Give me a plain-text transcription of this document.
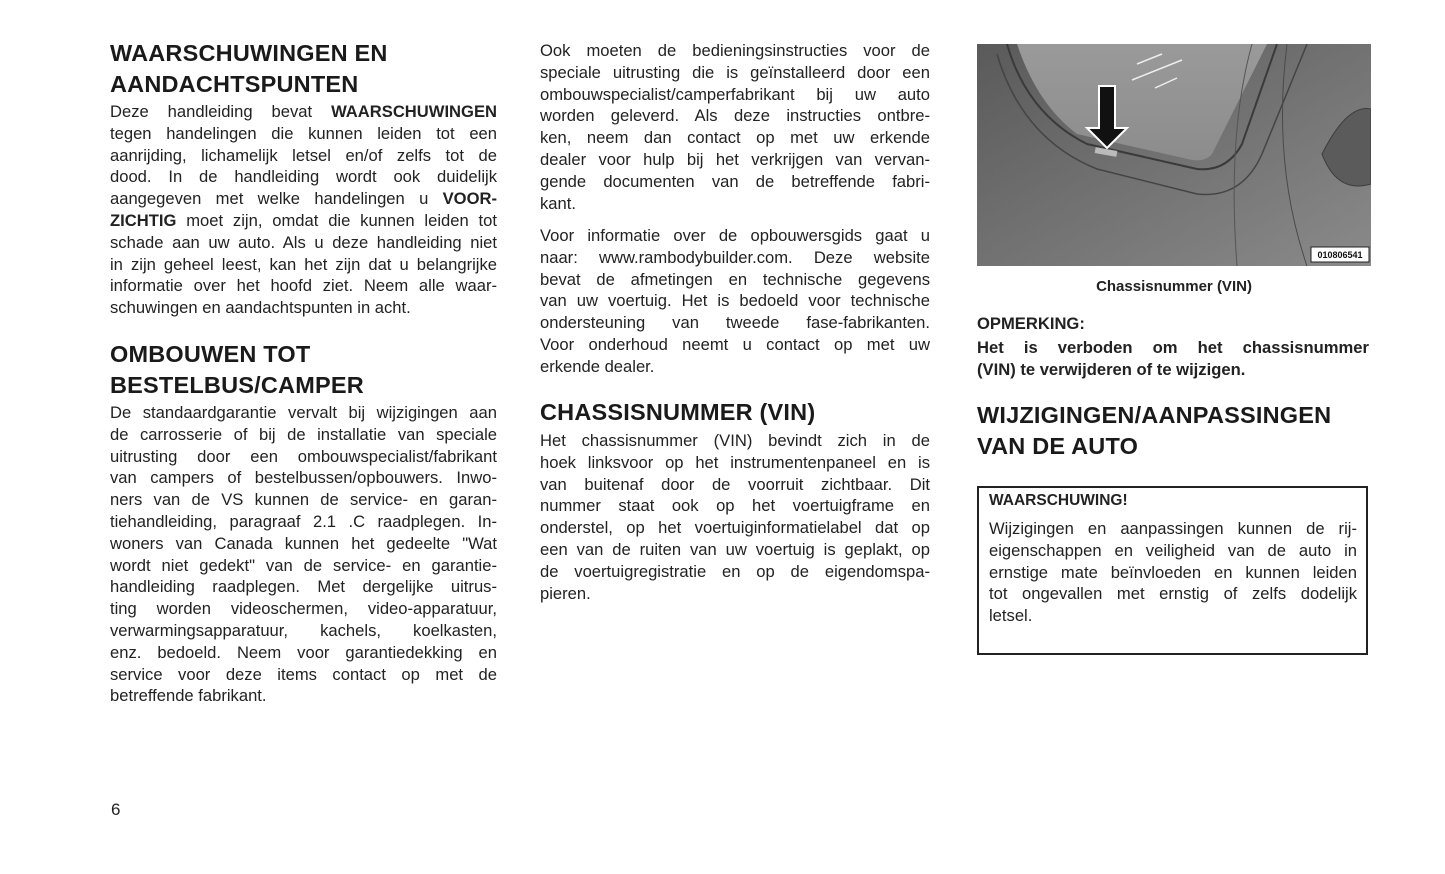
WAARSCHUWINGEN EN
AANDACHTSPUNTEN
Deze handleiding bevat WAARSCHUWINGEN
tegen handelingen die kunnen leiden tot een
aanrijding, lichamelijk letsel en/of zelfs tot de
dood. In de handleiding wordt ook duidelijk
aangegeven met welke handelingen u VOOR-
ZICHTIG moet zijn, omdat die kunnen leiden tot
schade aan uw auto. Als u deze handleiding niet
in zijn geheel leest, kan het zijn dat u belangrijke
informatie over het hoofd ziet. Neem alle waar-
schuwingen en aandachtspunten in acht.
OMBOUWEN TOT
BESTELBUS/CAMPER
De standaardgarantie vervalt bij wijzigingen aan
de carrosserie of bij de installatie van speciale
uitrusting door een ombouwspecialist/fabrikant
van campers of bestelbussen/opbouwers. Inwo-
ners van de VS kunnen de service- en garan-
tiehandleiding, paragraaf 2.1 .C raadplegen. In-
woners van Canada kunnen het gedeelte "Wat
wordt niet gedekt" van de service- en garantie-
handleiding raadplegen. Met dergelijke uitrus-
ting worden videoschermen, video-apparatuur,
verwarmingsapparatuur, kachels, koelkasten,
enz. bedoeld. Neem voor garantiedekking en
service voor deze items contact op met de
betreffende fabrikant.
6
Ook moeten de bedieningsinstructies voor de
speciale uitrusting die is geïnstalleerd door een
ombouwspecialist/camperfabrikant bij uw auto
worden geleverd. Als deze instructies ontbre-
ken, neem dan contact op met uw erkende
dealer voor hulp bij het verkrijgen van vervan-
gende documenten van de betreffende fabri-
kant.
Voor informatie over de opbouwersgids gaat u
naar: www.rambodybuilder.com. Deze website
bevat de afmetingen en technische gegevens
van uw voertuig. Het is bedoeld voor technische
ondersteuning van tweede fase-fabrikanten.
Voor onderhoud neemt u contact op met uw
erkende dealer.
CHASSISNUMMER (VIN)
Het chassisnummer (VIN) bevindt zich in de
hoek linksvoor op het instrumentenpaneel en is
van buitenaf door de voorruit zichtbaar. Dit
nummer staat ook op het voertuigframe en
onderstel, op het voertuiginformatielabel dat op
een van de ruiten van uw voertuig is geplakt, op
de voertuigregistratie en op de eigendomspa-
pieren.
010806541
Chassisnummer (VIN)
OPMERKING:
Het is verboden om het chassisnummer
(VIN) te verwijderen of te wijzigen.
WIJZIGINGEN/AANPASSINGEN
VAN DE AUTO
WAARSCHUWING!
Wijzigingen en aanpassingen kunnen de rij-
eigenschappen en veiligheid van de auto in
ernstige mate beïnvloeden en kunnen leiden
tot ongevallen met ernstig of zelfs dodelijk
letsel.
